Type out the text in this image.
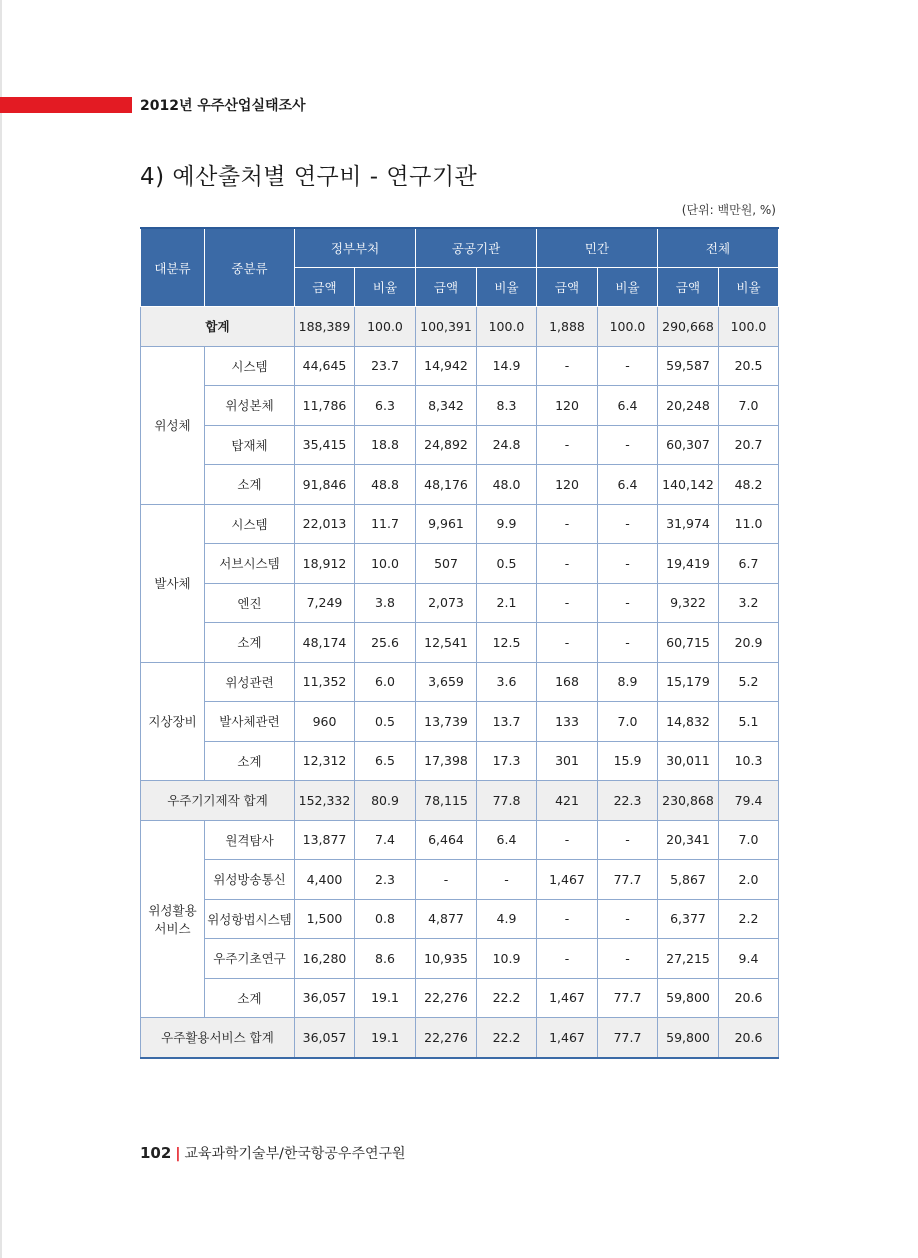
2012년 우주산업실태조사
4) 예산출처별 연구비 - 연구기관
(단위: 백만원, %)
대분류	중분류	정부부처		공공기관		민간		전체	
		금액	비율	금액	비율	금액	비율	금액	비율
합계		188,389	100.0	100,391	100.0	1,888	100.0	290,668	100.0
위성체	시스템	44,645	23.7	14,942	14.9	-	-	59,587	20.5
	위성본체	11,786	6.3	8,342	8.3	120	6.4	20,248	7.0
	탑재체	35,415	18.8	24,892	24.8	-	-	60,307	20.7
	소계	91,846	48.8	48,176	48.0	120	6.4	140,142	48.2
발사체	시스템	22,013	11.7	9,961	9.9	-	-	31,974	11.0
	서브시스템	18,912	10.0	507	0.5	-	-	19,419	6.7
	엔진	7,249	3.8	2,073	2.1	-	-	9,322	3.2
	소계	48,174	25.6	12,541	12.5	-	-	60,715	20.9
지상장비	위성관련	11,352	6.0	3,659	3.6	168	8.9	15,179	5.2
	발사체관련	960	0.5	13,739	13.7	133	7.0	14,832	5.1
	소계	12,312	6.5	17,398	17.3	301	15.9	30,011	10.3
우주기기제작 합계		152,332	80.9	78,115	77.8	421	22.3	230,868	79.4
위성활용
서비스	원격탐사	13,877	7.4	6,464	6.4	-	-	20,341	7.0
	위성방송통신	4,400	2.3	-	-	1,467	77.7	5,867	2.0
	위성항법시스템	1,500	0.8	4,877	4.9	-	-	6,377	2.2
	우주기초연구	16,280	8.6	10,935	10.9	-	-	27,215	9.4
	소계	36,057	19.1	22,276	22.2	1,467	77.7	59,800	20.6
우주활용서비스 합계		36,057	19.1	22,276	22.2	1,467	77.7	59,800	20.6
102 | 교육과학기술부/한국항공우주연구원
